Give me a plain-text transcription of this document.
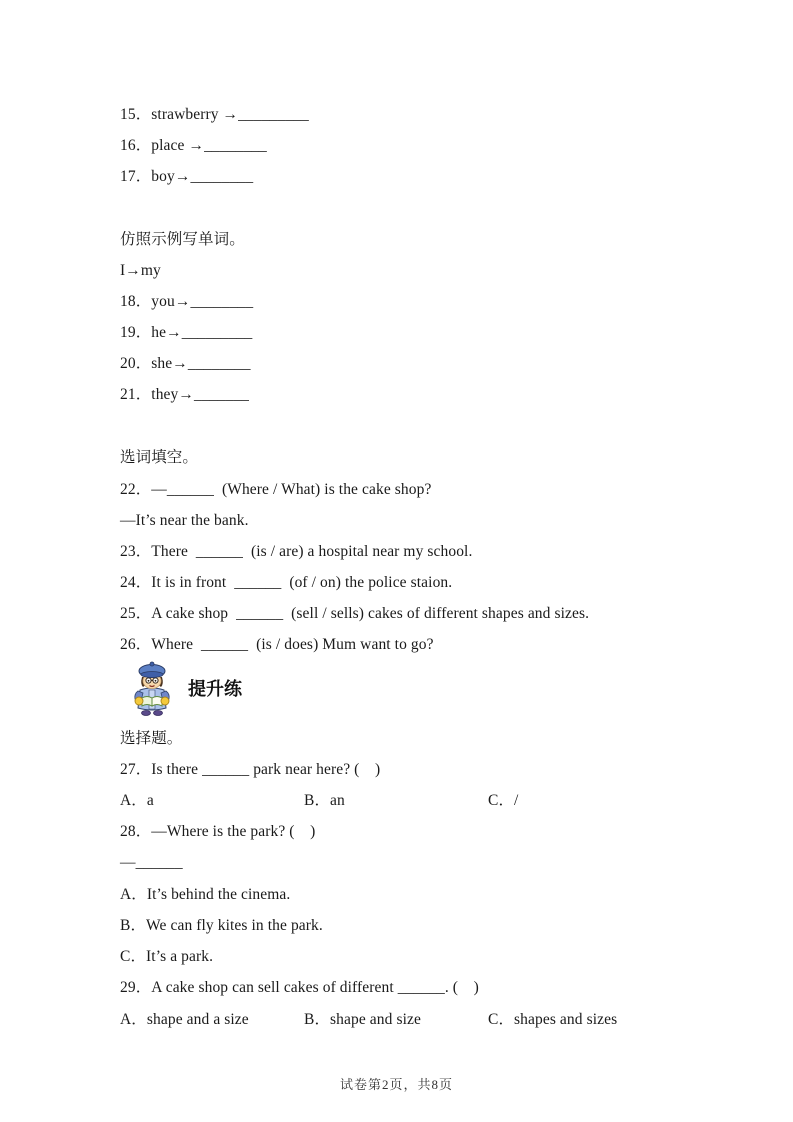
15．strawberry →_________
16．place →________
17．boy→________
仿照示例写单词。
I→my
18．you→________
19．he→_________
20．she→________
21．they→_______
选词填空。
22．—______  (Where / What) is the cake shop?
—It’s near the bank.
23．There  ______  (is / are) a hospital near my school.
24．It is in front  ______  (of / on) the police staion.
25．A cake shop  ______  (sell / sells) cakes of different shapes and sizes.
26．Where  ______  (is / does) Mum want to go?
提升练
选择题。
27．Is there ______ park near here? (　)
A．a	B．an	C．/
28．—Where is the park? (　)
—______
A．It’s behind the cinema.
B．We can fly kites in the park.
C．It’s a park.
29．A cake shop can sell cakes of different ______. (　)
A．shape and a size	B．shape and size	C．shapes and sizes
试卷第2页，共8页
